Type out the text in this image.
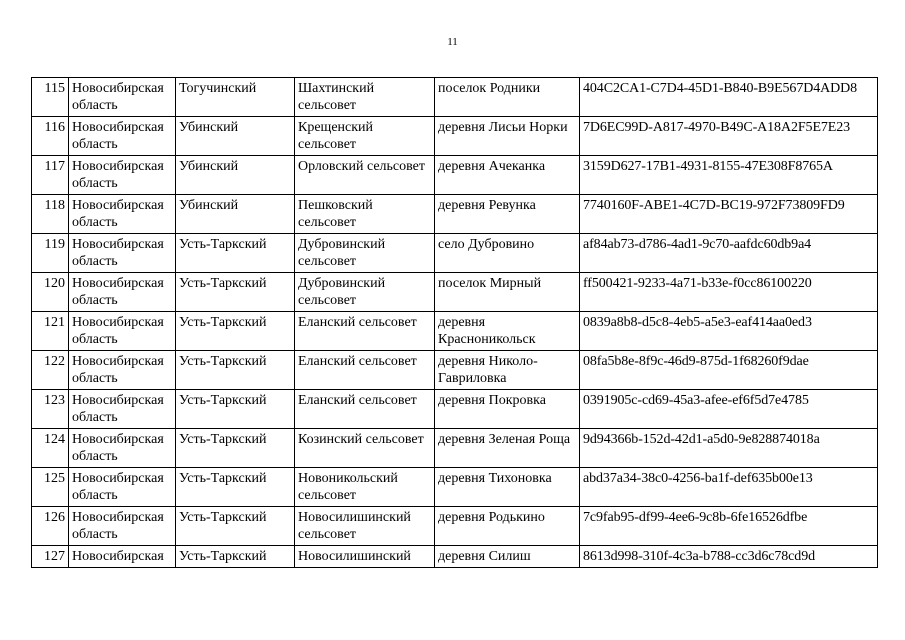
11
115	Новосибирская область	Тогучинский	Шахтинский сельсовет	поселок Родники	404C2CA1-C7D4-45D1-B840-B9E567D4ADD8
116	Новосибирская область	Убинский	Крещенский сельсовет	деревня Лисьи Норки	7D6EC99D-A817-4970-B49C-A18A2F5E7E23
117	Новосибирская область	Убинский	Орловский сельсовет	деревня Ачеканка	3159D627-17B1-4931-8155-47E308F8765A
118	Новосибирская область	Убинский	Пешковский сельсовет	деревня Ревунка	7740160F-ABE1-4C7D-BC19-972F73809FD9
119	Новосибирская область	Усть-Таркский	Дубровинский сельсовет	село Дубровино	af84ab73-d786-4ad1-9c70-aafdc60db9a4
120	Новосибирская область	Усть-Таркский	Дубровинский сельсовет	поселок Мирный	ff500421-9233-4a71-b33e-f0cc86100220
121	Новосибирская область	Усть-Таркский	Еланский сельсовет	деревня Красноникольск	0839a8b8-d5c8-4eb5-a5e3-eaf414aa0ed3
122	Новосибирская область	Усть-Таркский	Еланский сельсовет	деревня Николо-Гавриловка	08fa5b8e-8f9c-46d9-875d-1f68260f9dae
123	Новосибирская область	Усть-Таркский	Еланский сельсовет	деревня Покровка	0391905c-cd69-45a3-afee-ef6f5d7e4785
124	Новосибирская область	Усть-Таркский	Козинский сельсовет	деревня Зеленая Роща	9d94366b-152d-42d1-a5d0-9e828874018a
125	Новосибирская область	Усть-Таркский	Новоникольский сельсовет	деревня Тихоновка	abd37a34-38c0-4256-ba1f-def635b00e13
126	Новосибирская область	Усть-Таркский	Новосилишинский сельсовет	деревня Родькино	7c9fab95-df99-4ee6-9c8b-6fe16526dfbe
127	Новосибирская	Усть-Таркский	Новосилишинский	деревня Силиш	8613d998-310f-4c3a-b788-cc3d6c78cd9d
